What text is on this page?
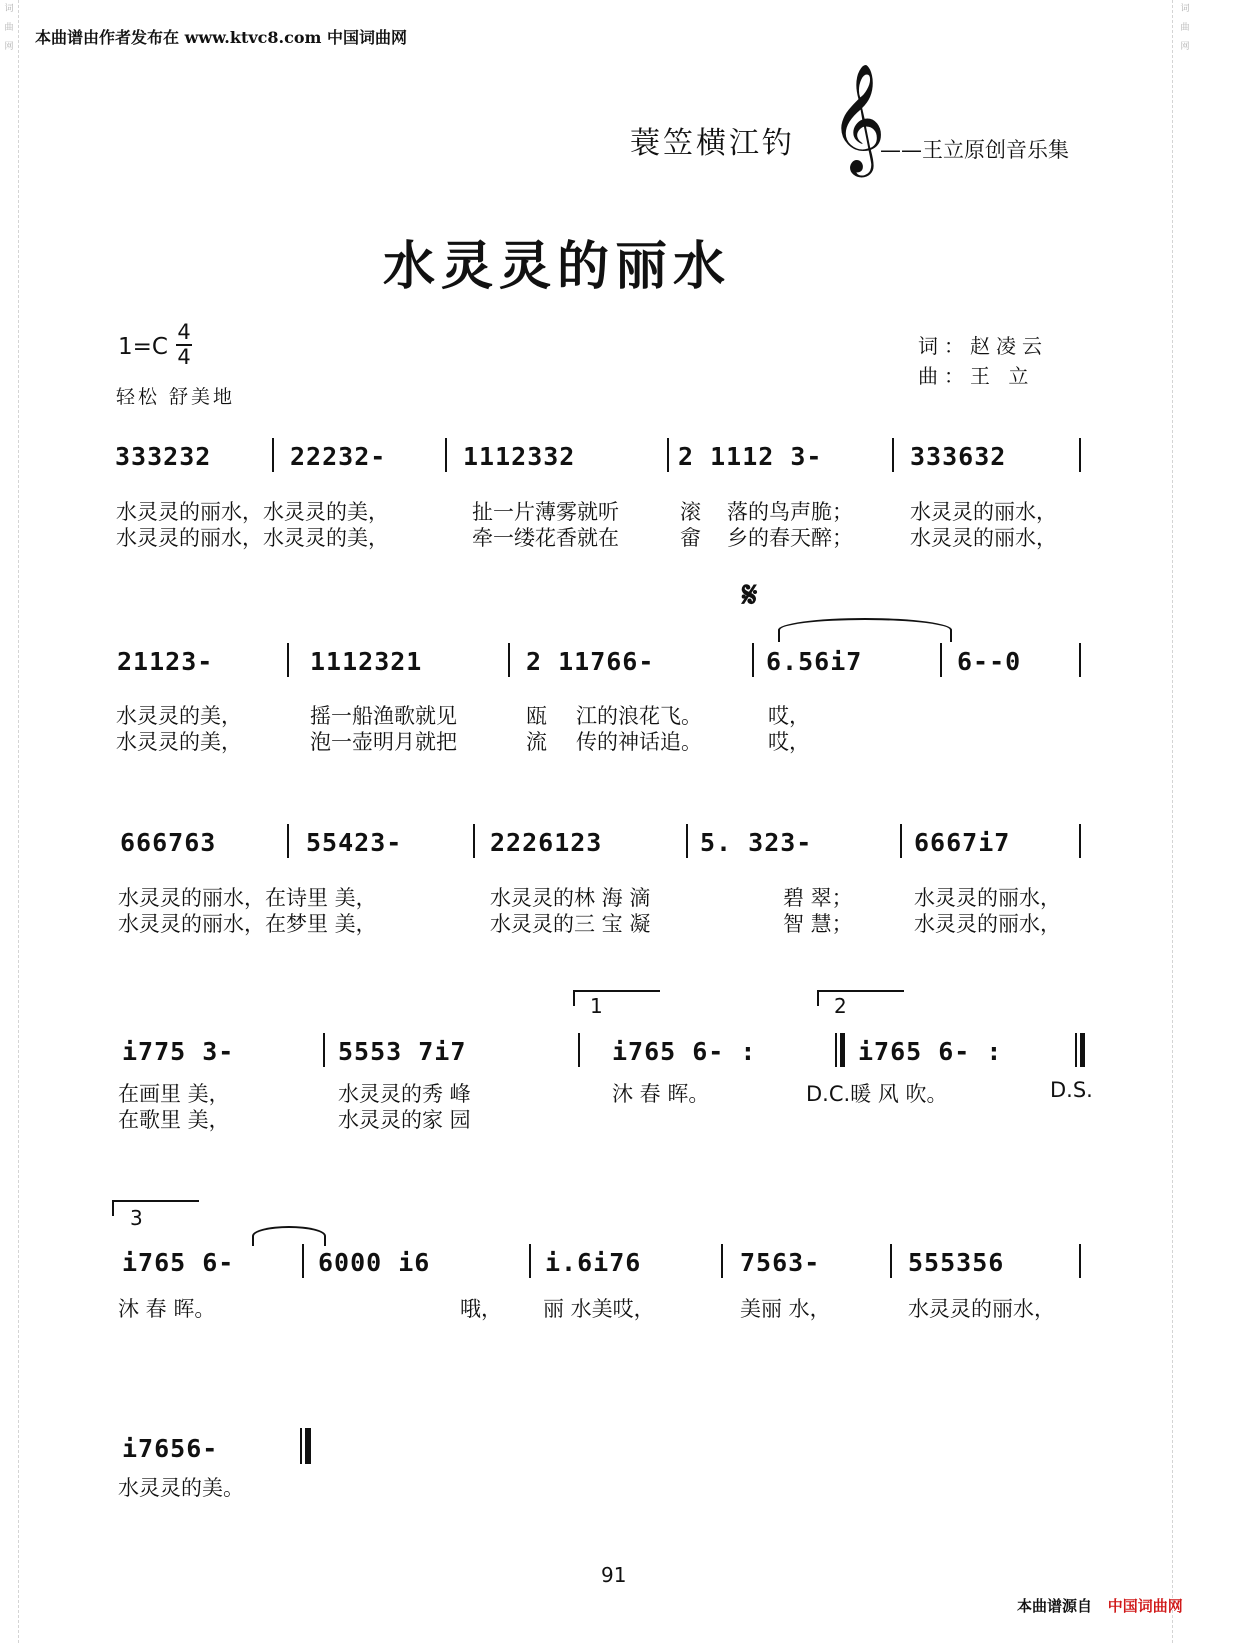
词
曲
网
词
曲
网
本曲谱由作者发布在 www.ktvc8.com 中国词曲网
蓑笠横江钓 𝄞
——王立原创音乐集
水灵灵的丽水
1=C
4
4
轻松 舒美地
词：赵凌云
曲：王 立
333232	22232-	1112332	2 1112 3-	333632
水灵灵的丽水，水灵灵的美，	扯一片薄雾就听	滚 落的鸟声脆；	水灵灵的丽水，
水灵灵的丽水，水灵灵的美，	牵一缕花香就在	畲 乡的春天醉；	水灵灵的丽水，
𝄋
21123-	1112321	2 11766-	6.56i7	6--0
水灵灵的美，	摇一船渔歌就见	瓯 江的浪花飞。	哎，
水灵灵的美，	泡一壶明月就把	流 传的神话追。	哎，
666763	55423-	2226123	5. 323-	6667i7
水灵灵的丽水，在诗里 美，	水灵灵的林 海 滴	碧 翠；	水灵灵的丽水，
水灵灵的丽水，在梦里 美，	水灵灵的三 宝 凝	智 慧；	水灵灵的丽水，
1	2
i775 3-	5553 7i7	i765 6- :	i765 6- :
在画里 美，	水灵灵的秀 峰	沐 春 晖。	D.C.暖 风 吹。	D.S.
在歌里 美，	水灵灵的家 园
3
i765 6-	6000 i6	i.6i76	7563-	555356
沐 春 晖。	哦， 丽 水美哎，	美丽 水，	水灵灵的丽水，
i7656-
水灵灵的美。
91
本曲谱源自 中国词曲网
